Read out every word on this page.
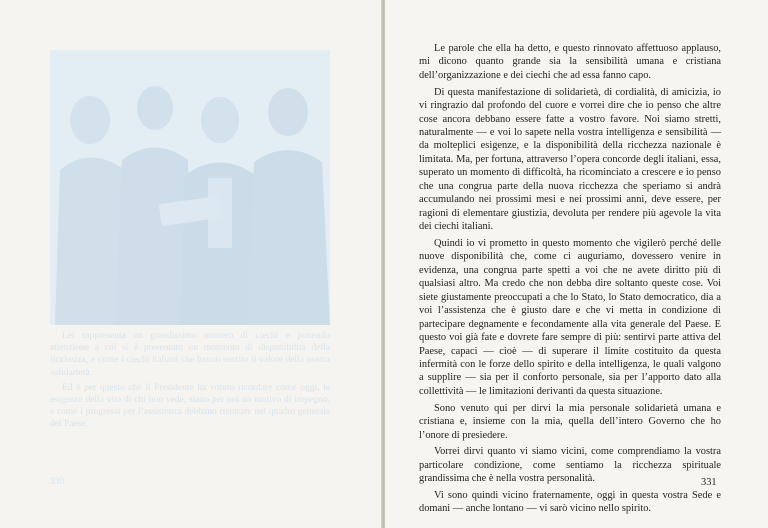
Lei rappresenta un grandissimo numero di ciechi e ponendo attenzione a cui si è presentato un momento di disponibilità della ricchezza, e come i ciechi italiani che hanno sentito il valore della nostra solidarietà.

Ed è per questo che il Presidente ha voluto ricordare come oggi, le esigenze della vita di chi non vede, siano per noi un motivo di impegno, e come i progressi per l’assistenza debbano rientrare nel quadro generale del Paese.

330

Le parole che ella ha detto, e questo rinnovato affettuoso applauso, mi dicono quanto grande sia la sensibilità umana e cristiana dell’organizzazione e dei ciechi che ad essa fanno capo.

Di questa manifestazione di solidarietà, di cordialità, di amicizia, io vi ringrazio dal profondo del cuore e vorrei dire che io penso che altre cose ancora debbano essere fatte a vostro favore. Noi siamo stretti, naturalmente — e voi lo sapete nella vostra intelligenza e sensibilità — da molteplici esigenze, e la disponibilità della ricchezza nazionale è limitata. Ma, per fortuna, attraverso l’opera concorde degli italiani, essa, superato un momento di difficoltà, ha ricominciato a crescere e io penso che una congrua parte della nuova ricchezza che speriamo si andrà accumulando nei prossimi mesi e nei prossimi anni, deve essere, per ragioni di elementare giustizia, devoluta per rendere più agevole la vita dei ciechi italiani.

Quindi io vi prometto in questo momento che vigilerò perché delle nuove disponibilità che, come ci auguriamo, dovessero venire in evidenza, una congrua parte spetti a voi che ne avete diritto più di qualsiasi altro. Ma credo che non debba dire soltanto queste cose. Voi siete giustamente preoccupati a che lo Stato, lo Stato democratico, dia a voi l’assistenza che è giusto dare e che vi metta in condizione di partecipare degnamente e fecondamente alla vita generale del Paese. E questo voi già fate e dovrete fare sempre di più: sentirvi parte attiva del Paese, capaci — cioè — di superare il limite costituito da questa infermità con le forze dello spirito e della intelligenza, le quali valgono a supplire — sia per il conforto personale, sia per l’apporto dato alla collettività — le limitazioni derivanti da questa situazione.

Sono venuto qui per dirvi la mia personale solidarietà umana e cristiana e, insieme con la mia, quella dell’intero Governo che ho l’onore di presiedere.

Vorrei dirvi quanto vi siamo vicini, come comprendiamo la vostra particolare condizione, come sentiamo la ricchezza spirituale grandissima che è nella vostra personalità.

Vi sono quindi vicino fraternamente, oggi in questa vostra Sede e domani — anche lontano — vi sarò vicino nello spirito.

331
